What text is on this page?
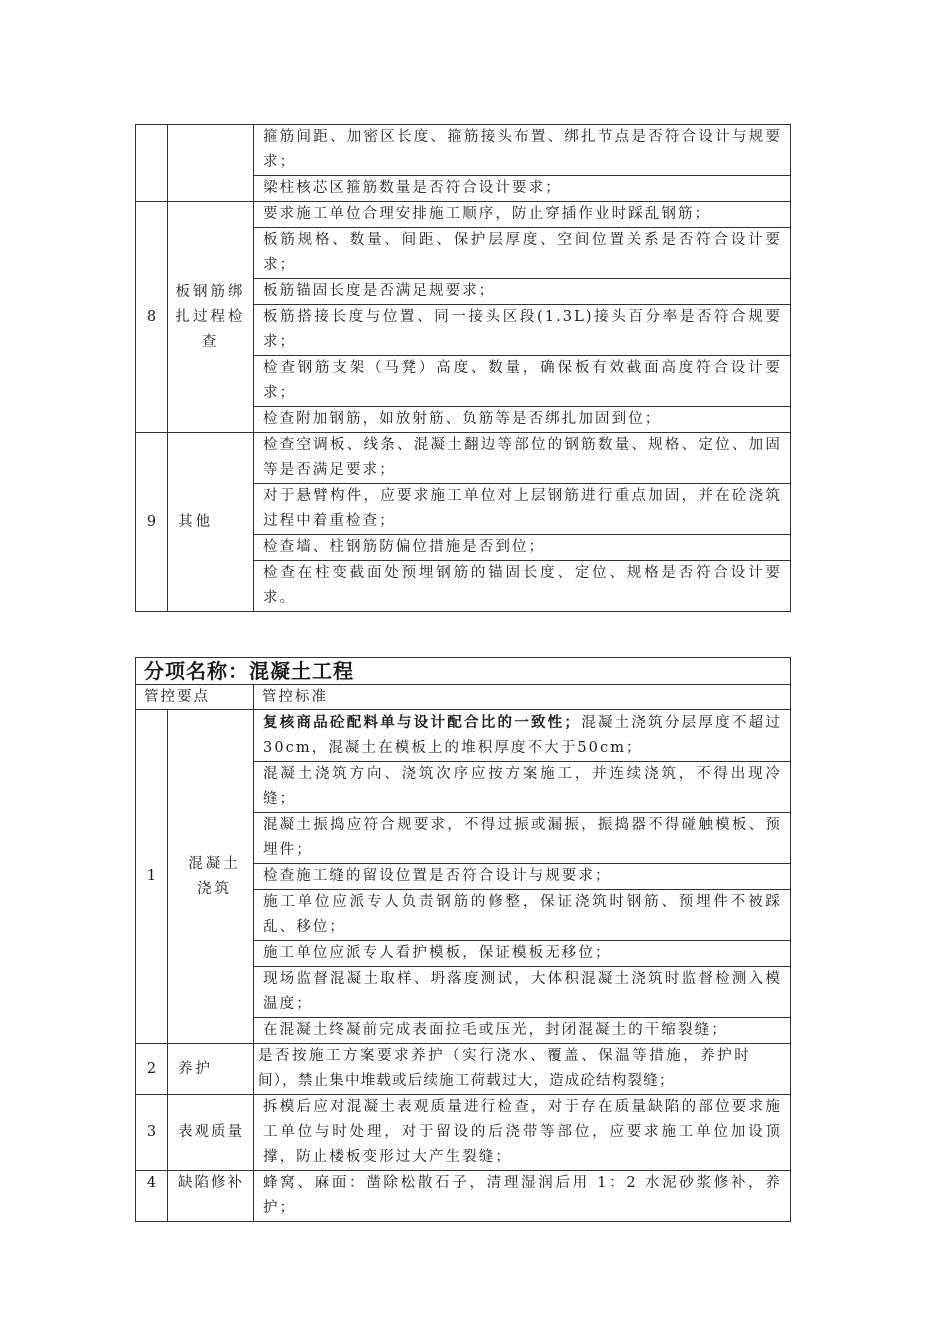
		箍筋间距、加密区长度、箍筋接头布置、绑扎节点是否符合设计与规要求；
		梁柱核芯区箍筋数量是否符合设计要求；
8	板钢筋绑扎过程检查	要求施工单位合理安排施工顺序，防止穿插作业时踩乱钢筋；
		板筋规格、数量、间距、保护层厚度、空间位置关系是否符合设计要求；
		板筋锚固长度是否满足规要求；
		板筋搭接长度与位置、同一接头区段(1.3L)接头百分率是否符合规要求；
		检查钢筋支架（马凳）高度、数量，确保板有效截面高度符合设计要求；
		检查附加钢筋，如放射筋、负筋等是否绑扎加固到位；
9	其他	检查空调板、线条、混凝土翻边等部位的钢筋数量、规格、定位、加固等是否满足要求；
		对于悬臂构件，应要求施工单位对上层钢筋进行重点加固，并在砼浇筑过程中着重检查；
		检查墙、柱钢筋防偏位措施是否到位；
		检查在柱变截面处预埋钢筋的锚固长度、定位、规格是否符合设计要求。
分项名称：混凝土工程		
管控要点		管控标准
1	混凝土浇筑	复核商品砼配料单与设计配合比的一致性；混凝土浇筑分层厚度不超过30cm，混凝土在模板上的堆积厚度不大于50cm；
		混凝土浇筑方向、浇筑次序应按方案施工，并连续浇筑，不得出现冷缝；
		混凝土振捣应符合规要求，不得过振或漏振，振捣器不得碰触模板、预埋件；
		检查施工缝的留设位置是否符合设计与规要求；
		施工单位应派专人负责钢筋的修整，保证浇筑时钢筋、预埋件不被踩乱、移位；
		施工单位应派专人看护模板，保证模板无移位；
		现场监督混凝土取样、坍落度测试，大体积混凝土浇筑时监督检测入模温度；
		在混凝土终凝前完成表面拉毛或压光，封闭混凝土的干缩裂缝；
2	养护	是否按施工方案要求养护（实行浇水、覆盖、保温等措施，养护时间），禁止集中堆载或后续施工荷载过大，造成砼结构裂缝；
3	表观质量	拆模后应对混凝土表观质量进行检查，对于存在质量缺陷的部位要求施工单位与时处理，对于留设的后浇带等部位，应要求施工单位加设顶撑，防止楼板变形过大产生裂缝；
4	缺陷修补	蜂窝、麻面：凿除松散石子，清理湿润后用 1：2 水泥砂浆修补，养护；
